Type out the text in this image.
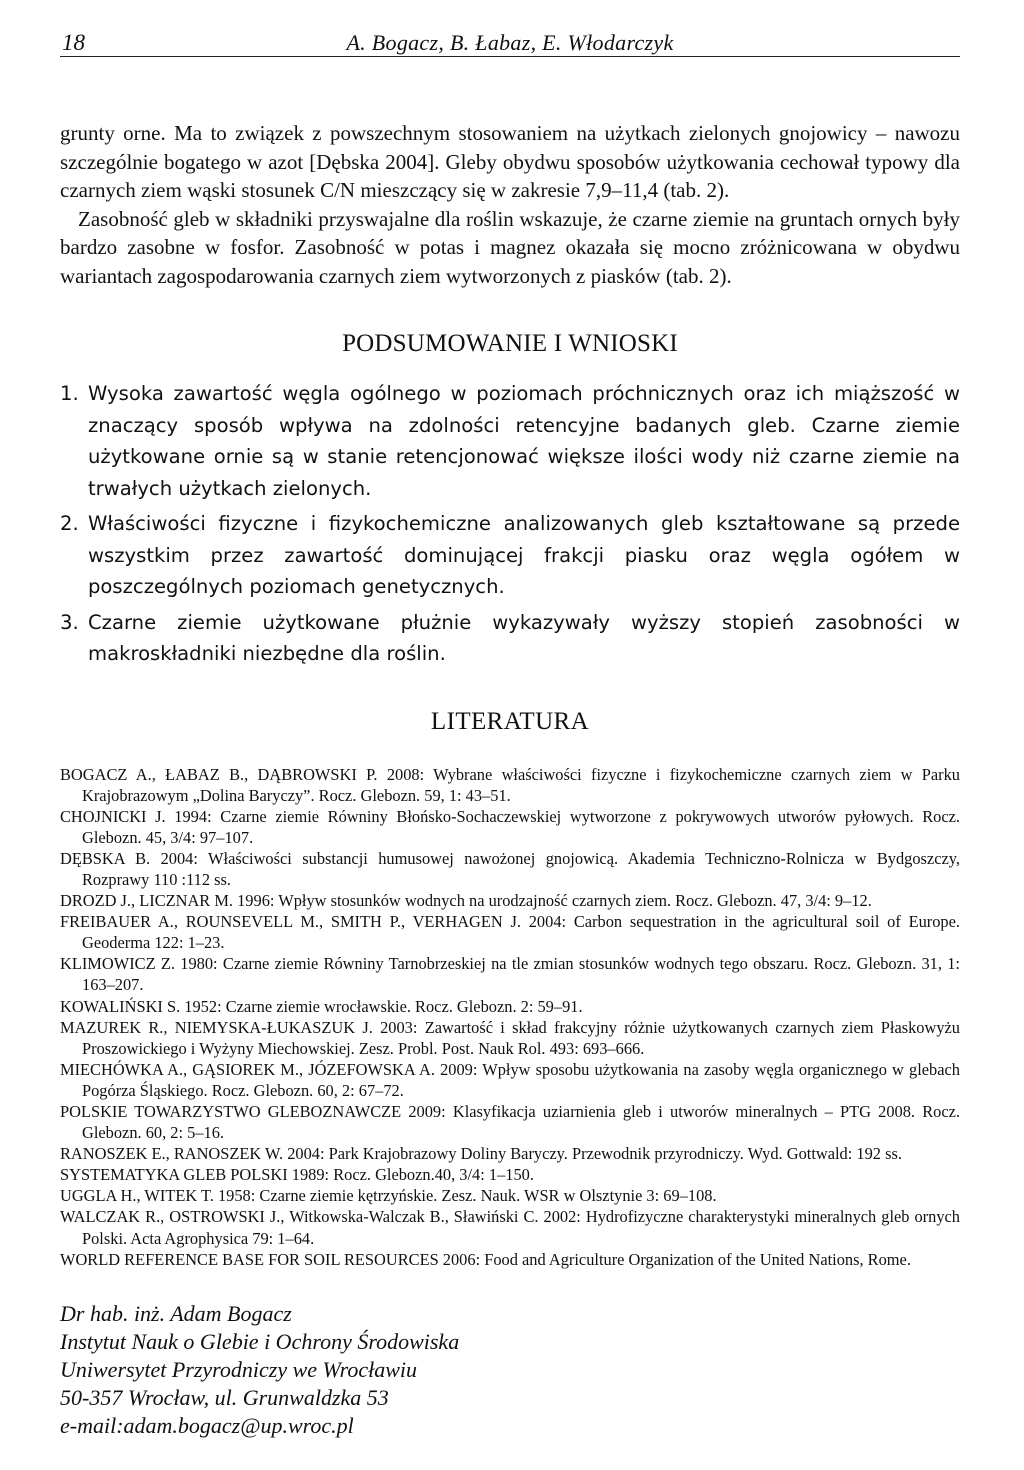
18	A. Bogacz, B. Łabaz, E. Włodarczyk

grunty orne. Ma to związek z powszechnym stosowaniem na użytkach zielonych gnojowicy – nawozu szczególnie bogatego w azot [Dębska 2004]. Gleby obydwu sposobów użytkowania cechował typowy dla czarnych ziem wąski stosunek C/N mieszczący się w zakresie 7,9–11,4 (tab. 2).

Zasobność gleb w składniki przyswajalne dla roślin wskazuje, że czarne ziemie na gruntach ornych były bardzo zasobne w fosfor. Zasobność w potas i magnez okazała się mocno zróżnicowana w obydwu wariantach zagospodarowania czarnych ziem wytworzonych z piasków (tab. 2).

PODSUMOWANIE I WNIOSKI
1. Wysoka zawartość węgla ogólnego w poziomach próchnicznych oraz ich miąższość w znaczący sposób wpływa na zdolności retencyjne badanych gleb. Czarne ziemie użytkowane ornie są w stanie retencjonować większe ilości wody niż czarne ziemie na trwałych użytkach zielonych.
2. Właściwości fizyczne i fizykochemiczne analizowanych gleb kształtowane są przede wszystkim przez zawartość dominującej frakcji piasku oraz węgla ogółem w poszczególnych poziomach genetycznych.
3. Czarne ziemie użytkowane płużnie wykazywały wyższy stopień zasobności w makroskładniki niezbędne dla roślin.
LITERATURA
BOGACZ A., ŁABAZ B., DĄBROWSKI P. 2008: Wybrane właściwości fizyczne i fizykochemiczne czarnych ziem w Parku Krajobrazowym „Dolina Baryczy”. Rocz. Glebozn. 59, 1: 43–51.
CHOJNICKI J. 1994: Czarne ziemie Równiny Błońsko-Sochaczewskiej wytworzone z pokrywowych utworów pyłowych. Rocz. Glebozn. 45, 3/4: 97–107.
DĘBSKA B. 2004: Właściwości substancji humusowej nawożonej gnojowicą. Akademia Techniczno-Rolnicza w Bydgoszczy, Rozprawy 110 :112 ss.
DROZD J., LICZNAR M. 1996: Wpływ stosunków wodnych na urodzajność czarnych ziem. Rocz. Glebozn. 47, 3/4: 9–12.
FREIBAUER A., ROUNSEVELL M., SMITH P., VERHAGEN J. 2004: Carbon sequestration in the agricultural soil of Europe. Geoderma 122: 1–23.
KLIMOWICZ Z. 1980: Czarne ziemie Równiny Tarnobrzeskiej na tle zmian stosunków wodnych tego obszaru. Rocz. Glebozn. 31, 1: 163–207.
KOWALIŃSKI S. 1952: Czarne ziemie wrocławskie. Rocz. Glebozn. 2: 59–91.
MAZUREK R., NIEMYSKA-ŁUKASZUK J. 2003: Zawartość i skład frakcyjny różnie użytkowanych czarnych ziem Płaskowyżu Proszowickiego i Wyżyny Miechowskiej. Zesz. Probl. Post. Nauk Rol. 493: 693–666.
MIECHÓWKA A., GĄSIOREK M., JÓZEFOWSKA A. 2009: Wpływ sposobu użytkowania na zasoby węgla organicznego w glebach Pogórza Śląskiego. Rocz. Glebozn. 60, 2: 67–72.
POLSKIE TOWARZYSTWO GLEBOZNAWCZE 2009: Klasyfikacja uziarnienia gleb i utworów mineralnych – PTG 2008. Rocz. Glebozn. 60, 2: 5–16.
RANOSZEK E., RANOSZEK W. 2004: Park Krajobrazowy Doliny Baryczy. Przewodnik przyrodniczy. Wyd. Gottwald: 192 ss.
SYSTEMATYKA GLEB POLSKI 1989: Rocz. Glebozn.40, 3/4: 1–150.
UGGLA H., WITEK T. 1958: Czarne ziemie kętrzyńskie. Zesz. Nauk. WSR w Olsztynie 3: 69–108.
WALCZAK R., OSTROWSKI J., Witkowska-Walczak B., Sławiński C. 2002: Hydrofizyczne charakterystyki mineralnych gleb ornych Polski. Acta Agrophysica 79: 1–64.
WORLD REFERENCE BASE FOR SOIL RESOURCES 2006: Food and Agriculture Organization of the United Nations, Rome.
Dr hab. inż. Adam Bogacz
Instytut Nauk o Glebie i Ochrony Środowiska
Uniwersytet Przyrodniczy we Wrocławiu
50-357 Wrocław, ul. Grunwaldzka 53
e-mail:adam.bogacz@up.wroc.pl
